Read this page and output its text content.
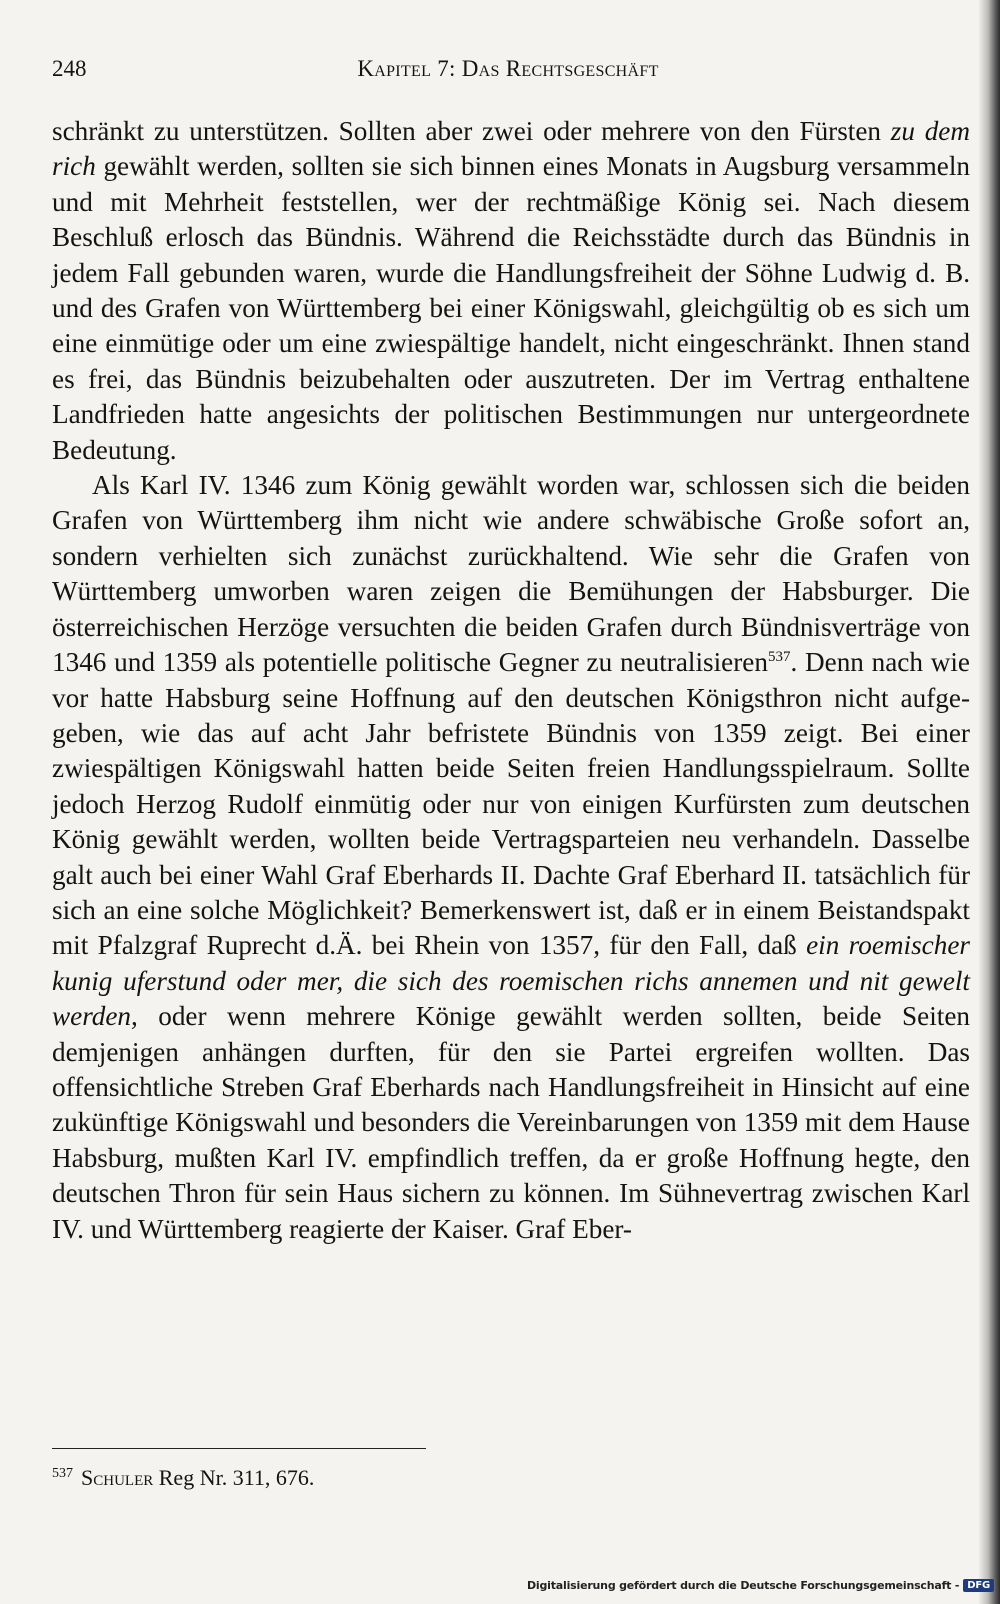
248	Kapitel 7: Das Rechtsgeschäft

schränkt zu unterstützen. Sollten aber zwei oder mehrere von den Fürsten zu dem rich gewählt werden, sollten sie sich binnen eines Monats in Augsburg versammeln und mit Mehrheit feststellen, wer der rechtmäßige König sei. Nach diesem Beschluß erlosch das Bündnis. Während die Reichsstädte durch das Bündnis in jedem Fall gebunden waren, wurde die Handlungsfreiheit der Söhne Ludwig d. B. und des Grafen von Württemberg bei einer Königswahl, gleichgültig ob es sich um eine einmütige oder um eine zwiespältige handelt, nicht eingeschränkt. Ihnen stand es frei, das Bündnis beizubehalten oder auszutreten. Der im Vertrag enthaltene Landfrieden hatte angesichts der politischen Bestimmungen nur untergeordnete Bedeutung.

Als Karl IV. 1346 zum König gewählt worden war, schlossen sich die beiden Grafen von Württemberg ihm nicht wie andere schwäbische Große sofort an, sondern verhielten sich zunächst zurückhaltend. Wie sehr die Grafen von Württemberg umworben waren zeigen die Bemühungen der Habsburger. Die österreichischen Herzöge versuchten die beiden Grafen durch Bündnisverträge von 1346 und 1359 als potentielle politische Gegner zu neutralisieren$^{537}$. Denn nach wie vor hatte Habsburg seine Hoffnung auf den deutschen Königsthron nicht aufgegeben, wie das auf acht Jahr befristete Bündnis von 1359 zeigt. Bei einer zwiespältigen Königswahl hatten beide Seiten freien Handlungsspielraum. Sollte jedoch Herzog Rudolf einmütig oder nur von einigen Kurfürsten zum deutschen König gewählt werden, wollten beide Vertragsparteien neu verhandeln. Dasselbe galt auch bei einer Wahl Graf Eberhards II. Dachte Graf Eberhard II. tatsächlich für sich an eine solche Möglichkeit? Bemerkenswert ist, daß er in einem Beistandspakt mit Pfalzgraf Ruprecht d.Ä. bei Rhein von 1357, für den Fall, daß ein roemischer kunig uferstund oder mer, die sich des roemischen richs annemen und nit gewelt werden, oder wenn mehrere Könige gewählt werden sollten, beide Seiten demjenigen anhängen durften, für den sie Partei ergreifen wollten. Das offensichtliche Streben Graf Eberhards nach Handlungsfreiheit in Hinsicht auf eine zukünftige Königswahl und besonders die Vereinbarungen von 1359 mit dem Hause Habsburg, mußten Karl IV. empfindlich treffen, da er große Hoffnung hegte, den deutschen Thron für sein Haus sichern zu können. Im Sühnevertrag zwischen Karl IV. und Württemberg reagierte der Kaiser. Graf Eber-

$^{537}$ Schuler Reg Nr. 311, 676.
Digitalisierung gefördert durch die Deutsche Forschungsgemeinschaft - DFG
